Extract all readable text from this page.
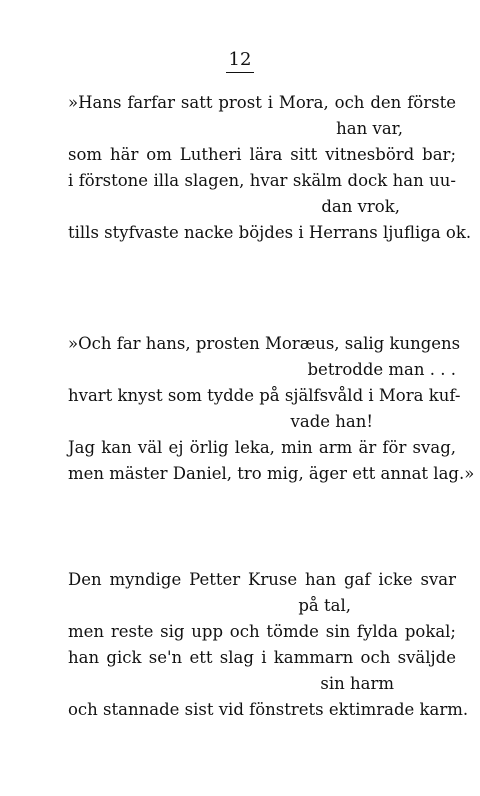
12
»Hans farfar satt prost i Mora, och den förste
han var,
som här om Lutheri lära sitt vitnesbörd bar;
i förstone illa slagen, hvar skälm dock han uu-
dan vrok,
tills styfvaste nacke böjdes i Herrans ljufliga ok.
»Och far hans, prosten Moræus, salig kungens
betrodde man . . .
hvart knyst som tydde på själfsvåld i Mora kuf-
vade han!
Jag kan väl ej örlig leka, min arm är för svag,
men mäster Daniel, tro mig, äger ett annat lag.»
Den myndige Petter Kruse han gaf icke svar
på tal,
men reste sig upp och tömde sin fylda pokal;
han gick se'n ett slag i kammarn och sväljde
sin harm
och stannade sist vid fönstrets ektimrade karm.
